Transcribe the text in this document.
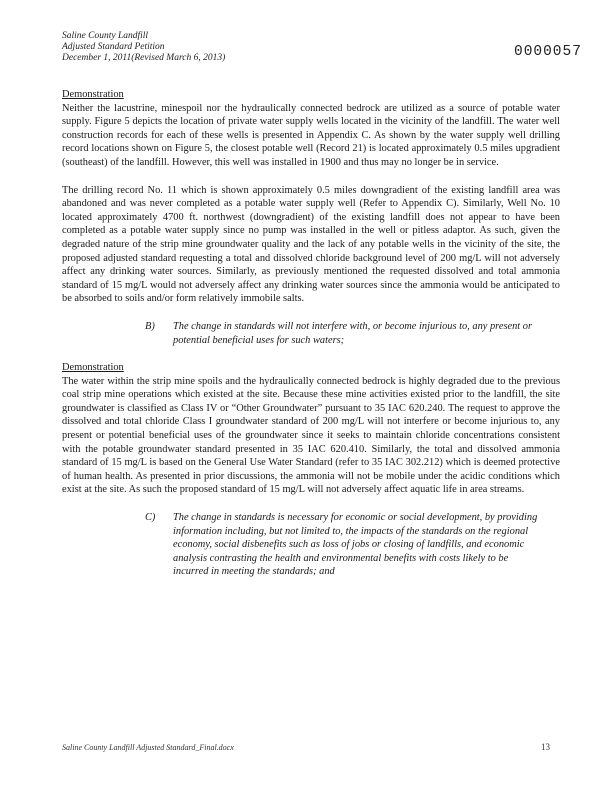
Saline County Landfill
Adjusted Standard Petition
December 1, 2011(Revised March 6, 2013)	0000057

Demonstration

Neither the lacustrine, minespoil nor the hydraulically connected bedrock are utilized as a source of potable water supply. Figure 5 depicts the location of private water supply wells located in the vicinity of the landfill. The water well construction records for each of these wells is presented in Appendix C. As shown by the water supply well drilling record locations shown on Figure 5, the closest potable well (Record 21) is located approximately 0.5 miles upgradient (southeast) of the landfill. However, this well was installed in 1900 and thus may no longer be in service.

The drilling record No. 11 which is shown approximately 0.5 miles downgradient of the existing landfill area was abandoned and was never completed as a potable water supply well (Refer to Appendix C). Similarly, Well No. 10 located approximately 4700 ft. northwest (downgradient) of the existing landfill does not appear to have been completed as a potable water supply since no pump was installed in the well or pitless adaptor. As such, given the degraded nature of the strip mine groundwater quality and the lack of any potable wells in the vicinity of the site, the proposed adjusted standard requesting a total and dissolved chloride background level of 200 mg/L will not adversely affect any drinking water sources. Similarly, as previously mentioned the requested dissolved and total ammonia standard of 15 mg/L would not adversely affect any drinking water sources since the ammonia would be anticipated to be absorbed to soils and/or form relatively immobile salts.

B)	The change in standards will not interfere with, or become injurious to, any present or potential beneficial uses for such waters;

Demonstration

The water within the strip mine spoils and the hydraulically connected bedrock is highly degraded due to the previous coal strip mine operations which existed at the site. Because these mine activities existed prior to the landfill, the site groundwater is classified as Class IV or “Other Groundwater” pursuant to 35 IAC 620.240. The request to approve the dissolved and total chloride Class I groundwater standard of 200 mg/L will not interfere or become injurious to, any present or potential beneficial uses of the groundwater since it seeks to maintain chloride concentrations consistent with the potable groundwater standard presented in 35 IAC 620.410. Similarly, the total and dissolved ammonia standard of 15 mg/L is based on the General Use Water Standard (refer to 35 IAC 302.212) which is deemed protective of human health. As presented in prior discussions, the ammonia will not be mobile under the acidic conditions which exist at the site. As such the proposed standard of 15 mg/L will not adversely affect aquatic life in area streams.

C)	The change in standards is necessary for economic or social development, by providing information including, but not limited to, the impacts of the standards on the regional economy, social disbenefits such as loss of jobs or closing of landfills, and economic analysis contrasting the health and environmental benefits with costs likely to be incurred in meeting the standards; and
Saline County Landfill Adjusted Standard_Final.docx	13
